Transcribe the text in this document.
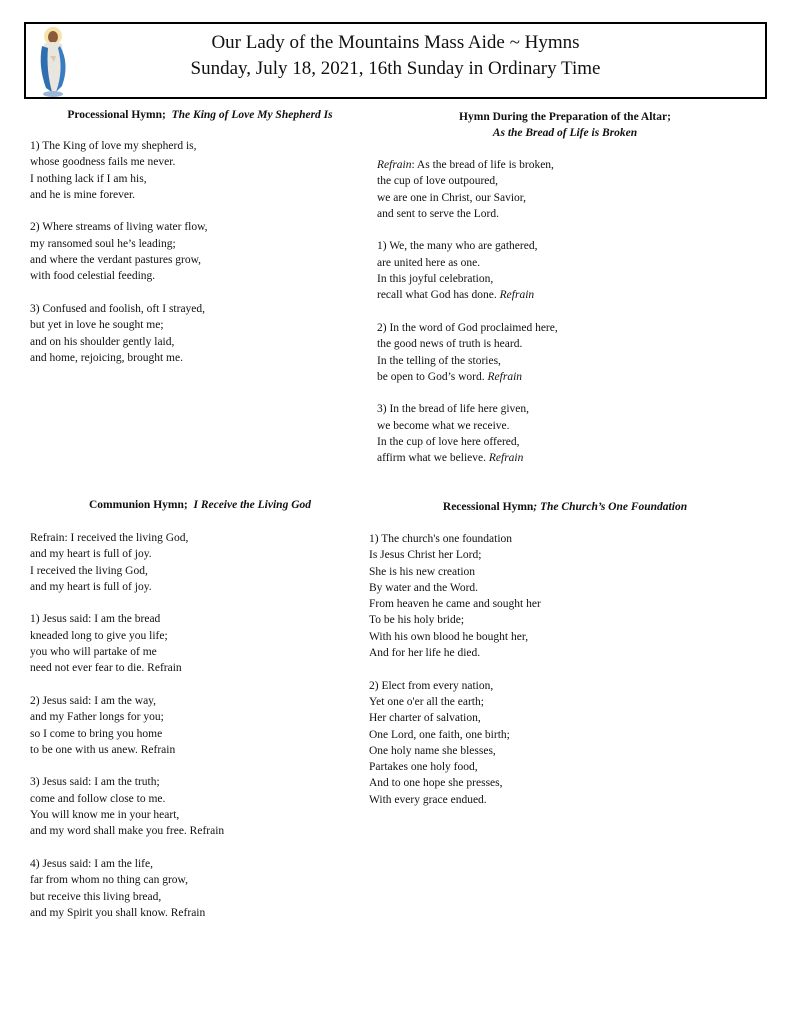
Our Lady of the Mountains Mass Aide ~ Hymns
Sunday, July 18, 2021, 16th Sunday in Ordinary Time
Processional Hymn; The King of Love My Shepherd Is
1) The King of love my shepherd is,
whose goodness fails me never.
I nothing lack if I am his,
and he is mine forever.
2) Where streams of living water flow,
my ransomed soul he’s leading;
and where the verdant pastures grow,
with food celestial feeding.
3) Confused and foolish, oft I strayed,
but yet in love he sought me;
and on his shoulder gently laid,
and home, rejoicing, brought me.
Hymn During the Preparation of the Altar;
As the Bread of Life is Broken
Refrain: As the bread of life is broken,
the cup of love outpoured,
we are one in Christ, our Savior,
and sent to serve the Lord.
1) We, the many who are gathered,
are united here as one.
In this joyful celebration,
recall what God has done. Refrain
2) In the word of God proclaimed here,
the good news of truth is heard.
In the telling of the stories,
be open to God’s word. Refrain
3) In the bread of life here given,
we become what we receive.
In the cup of love here offered,
affirm what we believe. Refrain
Communion Hymn; I Receive the Living God
Refrain: I received the living God,
and my heart is full of joy.
I received the living God,
and my heart is full of joy.
1) Jesus said: I am the bread
kneaded long to give you life;
you who will partake of me
need not ever fear to die. Refrain
2) Jesus said: I am the way,
and my Father longs for you;
so I come to bring you home
to be one with us anew. Refrain
3) Jesus said: I am the truth;
come and follow close to me.
You will know me in your heart,
and my word shall make you free. Refrain
4) Jesus said: I am the life,
far from whom no thing can grow,
but receive this living bread,
and my Spirit you shall know. Refrain
Recessional Hymn; The Church’s One Foundation
1) The church's one foundation
Is Jesus Christ her Lord;
She is his new creation
By water and the Word.
From heaven he came and sought her
To be his holy bride;
With his own blood he bought her,
And for her life he died.
2) Elect from every nation,
Yet one o'er all the earth;
Her charter of salvation,
One Lord, one faith, one birth;
One holy name she blesses,
Partakes one holy food,
And to one hope she presses,
With every grace endued.
